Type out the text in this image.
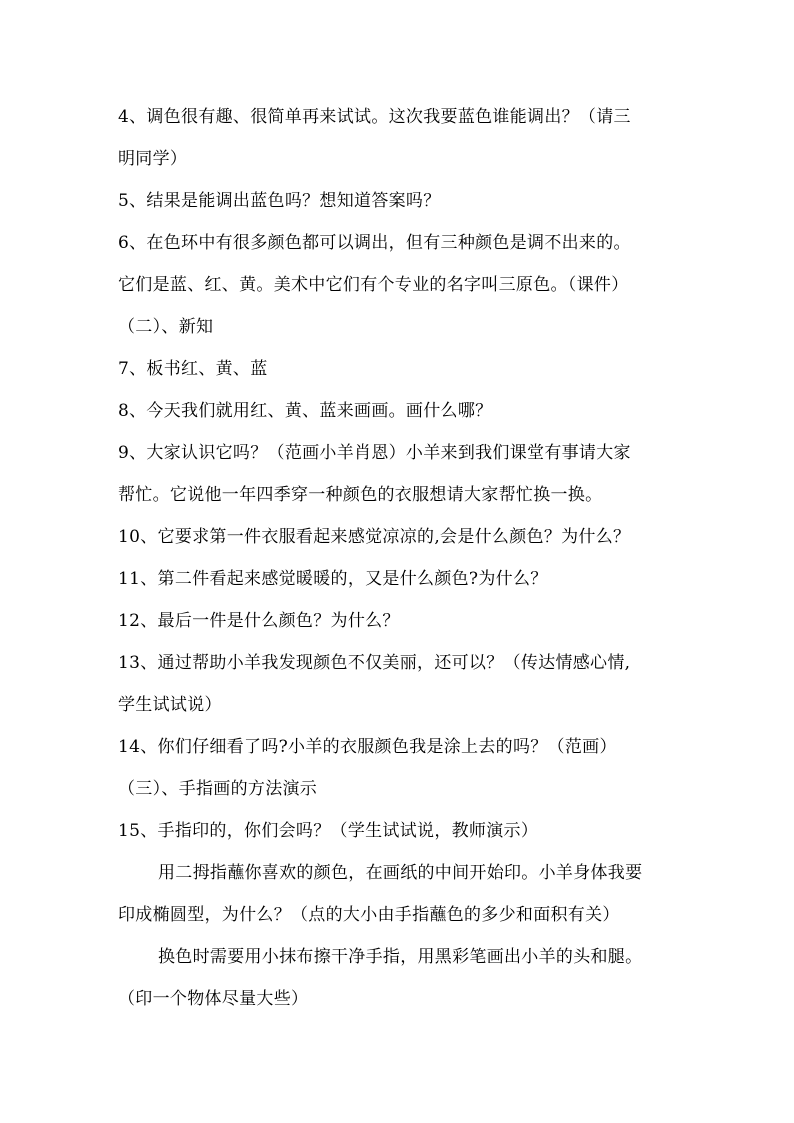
4、调色很有趣、很简单再来试试。这次我要蓝色谁能调出？（请三
明同学）
5、结果是能调出蓝色吗？想知道答案吗？
6、在色环中有很多颜色都可以调出，但有三种颜色是调不出来的。
它们是蓝、红、黄。美术中它们有个专业的名字叫三原色。（课件）
（二）、新知
7、板书红、黄、蓝
8、今天我们就用红、黄、蓝来画画。画什么哪？
9、大家认识它吗？（范画小羊肖恩）小羊来到我们课堂有事请大家
帮忙。它说他一年四季穿一种颜色的衣服想请大家帮忙换一换。
10、它要求第一件衣服看起来感觉凉凉的,会是什么颜色？为什么？
11、第二件看起来感觉暖暖的，又是什么颜色?为什么？
12、最后一件是什么颜色？为什么？
13、通过帮助小羊我发现颜色不仅美丽，还可以？（传达情感心情,
学生试试说）
14、你们仔细看了吗?小羊的衣服颜色我是涂上去的吗？（范画）
（三）、手指画的方法演示
15、手指印的，你们会吗？（学生试试说，教师演示）
用二拇指蘸你喜欢的颜色，在画纸的中间开始印。小羊身体我要
印成椭圆型，为什么？（点的大小由手指蘸色的多少和面积有关）
换色时需要用小抹布擦干净手指，用黑彩笔画出小羊的头和腿。
（印一个物体尽量大些）
